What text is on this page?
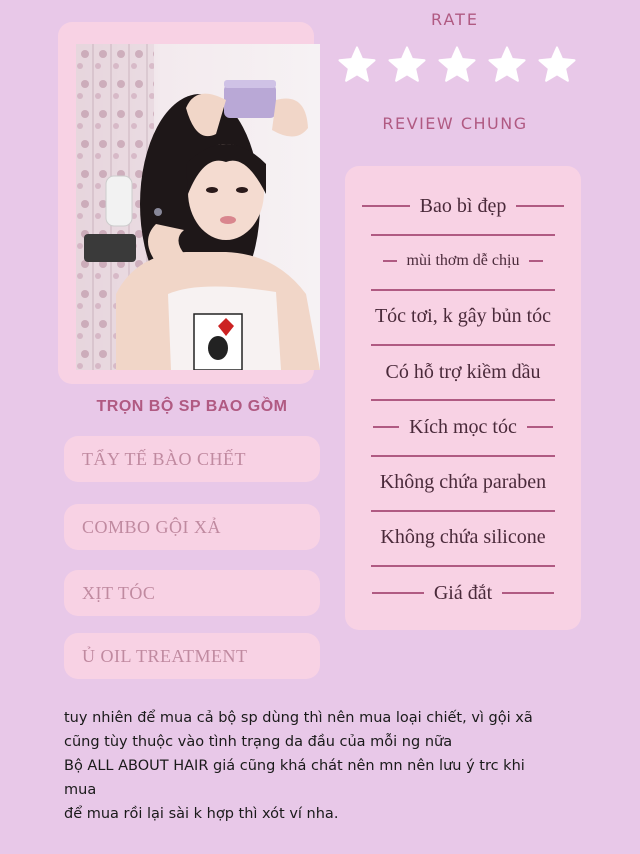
RATE
REVIEW CHUNG
Bao bì đẹp
mùi thơm dễ chịu
Tóc tơi, k gây bủn tóc
Có hỗ trợ kiềm dầu
Kích mọc tóc
Không chứa paraben
Không chứa silicone
Giá đắt
TRỌN BỘ SP BAO GỒM
TẨY TẾ BÀO CHẾT
COMBO GỘI XẢ
XỊT TÓC
Ủ OIL TREATMENT

tuy nhiên để mua cả bộ sp dùng thì nên mua loại chiết, vì gội xã

cũng tùy thuộc vào tình trạng da đầu của mỗi ng nữa

Bộ ALL ABOUT HAIR giá cũng khá chát nên mn nên lưu ý trc khi

mua

để mua rồi lại sài k hợp thì xót ví nha.
